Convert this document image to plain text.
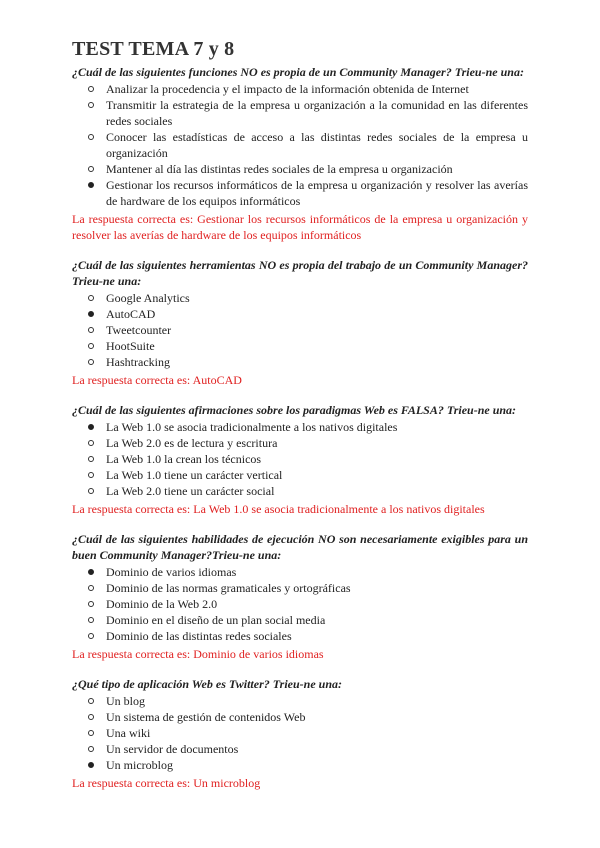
TEST TEMA 7 y 8

¿Cuál de las siguientes funciones NO es propia de un Community Manager? Trieu-ne una:

Analizar la procedencia y el impacto de la información obtenida de Internet
Transmitir la estrategia de la empresa u organización a la comunidad en las diferentes redes sociales
Conocer las estadísticas de acceso a las distintas redes sociales de la empresa u organización
Mantener al día las distintas redes sociales de la empresa u organización
Gestionar los recursos informáticos de la empresa u organización y resolver las averías de hardware de los equipos informáticos

La respuesta correcta es: Gestionar los recursos informáticos de la empresa u organización y resolver las averías de hardware de los equipos informáticos

¿Cuál de las siguientes herramientas NO es propia del trabajo de un Community Manager?Trieu-ne una:

Google Analytics
AutoCAD
Tweetcounter
HootSuite
Hashtracking

La respuesta correcta es: AutoCAD

¿Cuál de las siguientes afirmaciones sobre los paradigmas Web es FALSA? Trieu-ne una:

La Web 1.0 se asocia tradicionalmente a los nativos digitales
La Web 2.0 es de lectura y escritura
La Web 1.0 la crean los técnicos
La Web 1.0 tiene un carácter vertical
La Web 2.0 tiene un carácter social

La respuesta correcta es: La Web 1.0 se asocia tradicionalmente a los nativos digitales

¿Cuál de las siguientes habilidades de ejecución NO son necesariamente exigibles para un buen Community Manager?Trieu-ne una:

Dominio de varios idiomas
Dominio de las normas gramaticales y ortográficas
Dominio de la Web 2.0
Dominio en el diseño de un plan social media
Dominio de las distintas redes sociales

La respuesta correcta es: Dominio de varios idiomas

¿Qué tipo de aplicación Web es Twitter? Trieu-ne una:

Un blog
Un sistema de gestión de contenidos Web
Una wiki
Un servidor de documentos
Un microblog

La respuesta correcta es: Un microblog
